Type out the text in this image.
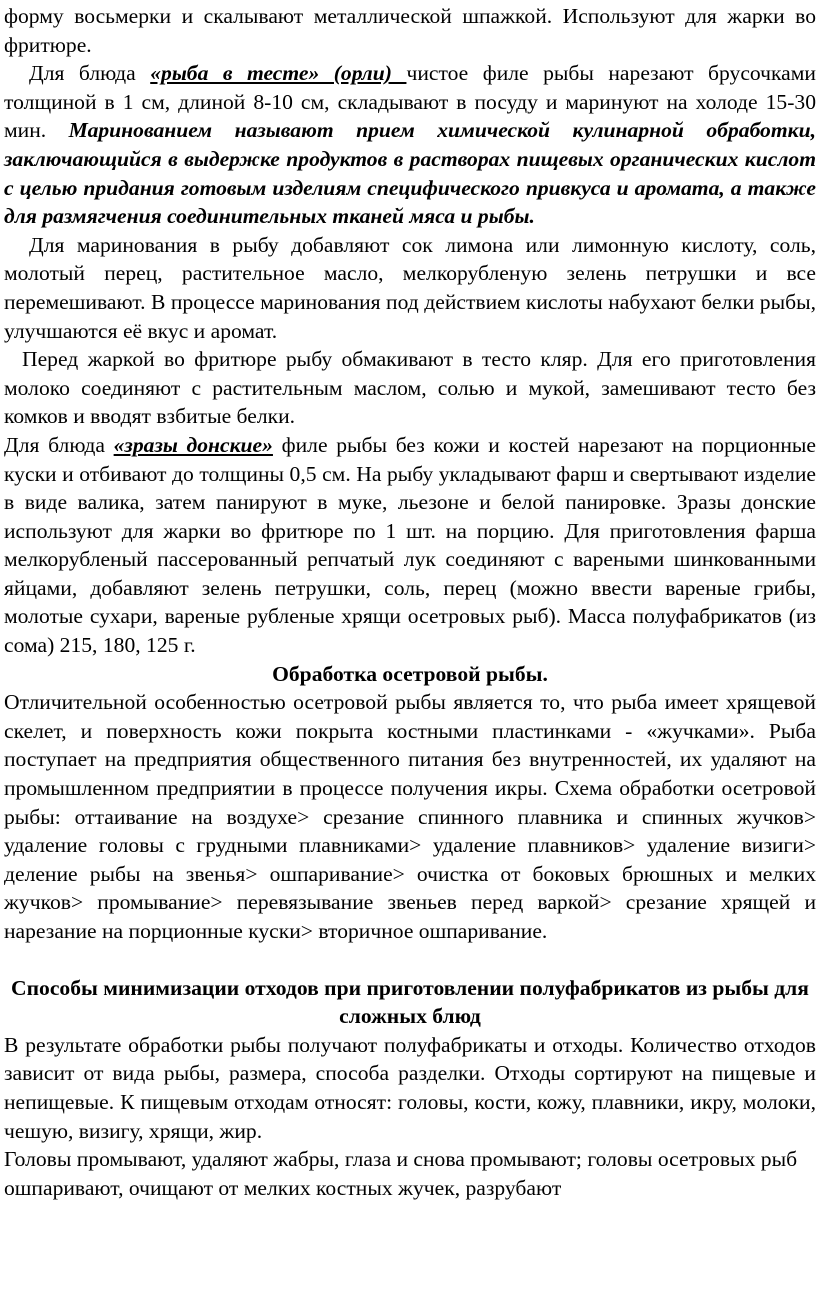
форму восьмерки и скалывают металлической шпажкой. Используют для жарки во фритюре.

Для блюда «рыба в тесте» (орли) чистое филе рыбы нарезают брусочками толщиной в 1 см, длиной 8-10 см, складывают в посуду и маринуют на холоде 15-30 мин. Маринованием называют прием химической кулинарной обработки, заключающийся в выдержке продуктов в растворах пищевых органических кислот с целью придания готовым изделиям специфического привкуса и аромата, а также для размягчения соединительных тканей мяса и рыбы.

Для маринования в рыбу добавляют сок лимона или лимонную кислоту, соль, молотый перец, растительное масло, мелкорубленую зелень петрушки и все перемешивают. В процессе маринования под действием кислоты набухают белки рыбы, улучшаются её вкус и аромат.

Перед жаркой во фритюре рыбу обмакивают в тесто кляр. Для его приготовления молоко соединяют с растительным маслом, солью и мукой, замешивают тесто без комков и вводят взбитые белки.

Для блюда «зразы донские» филе рыбы без кожи и костей нарезают на порционные куски и отбивают до толщины 0,5 см. На рыбу укладывают фарш и свертывают изделие в виде валика, затем панируют в муке, льезоне и белой панировке. Зразы донские используют для жарки во фритюре по 1 шт. на порцию. Для приготовления фарша мелкорубленый пассерованный репчатый лук соединяют с вареными шинкованными яйцами, добавляют зелень петрушки, соль, перец (можно ввести вареные грибы, молотые сухари, вареные рубленые хрящи осетровых рыб). Масса полуфабрикатов (из сома) 215, 180, 125 г.

Обработка осетровой рыбы.

Отличительной особенностью осетровой рыбы является то, что рыба имеет хрящевой скелет, и поверхность кожи покрыта костными пластинками - «жучками». Рыба поступает на предприятия общественного питания без внутренностей, их удаляют на промышленном предприятии в процессе получения икры. Схема обработки осетровой рыбы: оттаивание на воздухе> срезание спинного плавника и спинных жучков> удаление головы с грудными плавниками> удаление плавников> удаление визиги> деление рыбы на звенья> ошпаривание> очистка от боковых брюшных и мелких жучков> промывание> перевязывание звеньев перед варкой> срезание хрящей и нарезание на порционные куски> вторичное ошпаривание.

Способы минимизации отходов при приготовлении полуфабрикатов из рыбы для сложных блюд

В результате обработки рыбы получают полуфабрикаты и отходы. Количество отходов зависит от вида рыбы, размера, способа разделки. Отходы сортируют на пищевые и непищевые. К пищевым отходам относят: головы, кости, кожу, плавники, икру, молоки, чешую, визигу, хрящи, жир.

Головы промывают, удаляют жабры, глаза и снова промывают; головы осетровых рыб ошпаривают, очищают от мелких костных жучек, разрубают
